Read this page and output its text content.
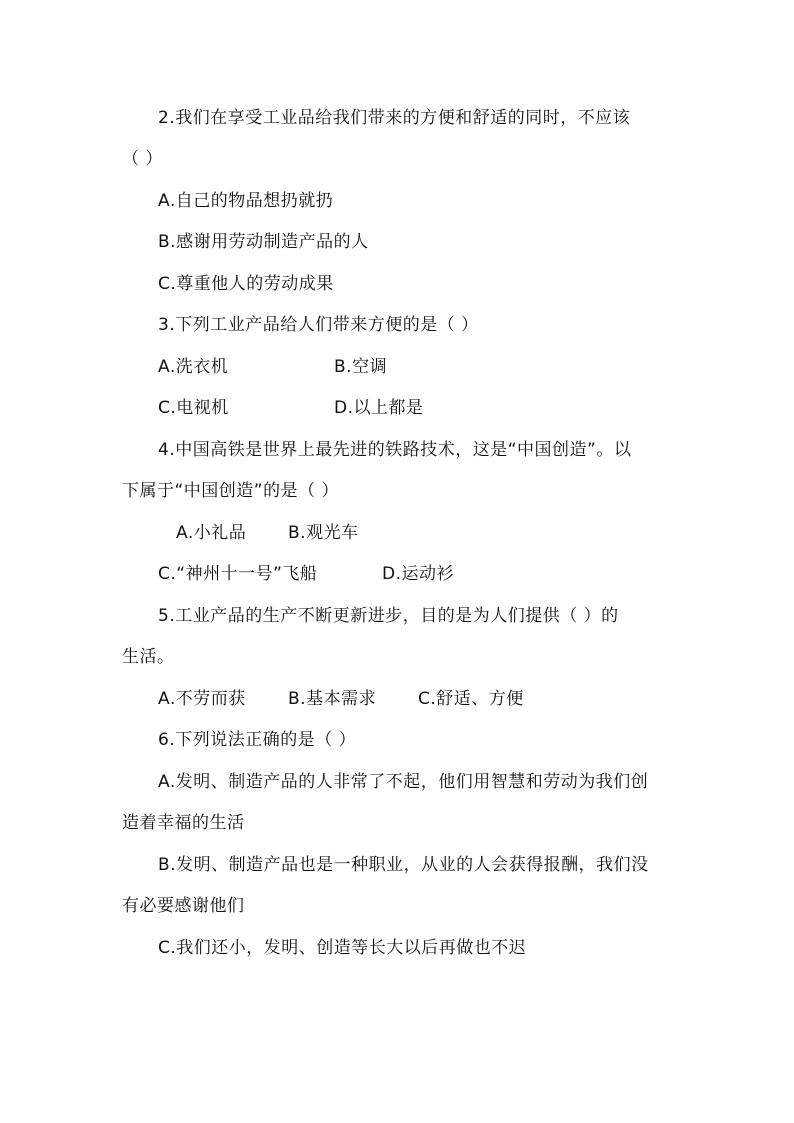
2.我们在享受工业品给我们带来的方便和舒适的同时，不应该
（ ）
A.自己的物品想扔就扔
B.感谢用劳动制造产品的人
C.尊重他人的劳动成果
3.下列工业产品给人们带来方便的是（ ）
A.洗衣机	B.空调
C.电视机	D.以上都是
4.中国高铁是世界上最先进的铁路技术，这是“中国创造”。以
下属于“中国创造”的是（ ）
A.小礼品 B.观光车
C.“神州十一号”飞船	D.运动衫
5.工业产品的生产不断更新进步，目的是为人们提供（ ）的
生活。
A.不劳而获 B.基本需求 C.舒适、方便
6.下列说法正确的是（ ）
A.发明、制造产品的人非常了不起，他们用智慧和劳动为我们创
造着幸福的生活
B.发明、制造产品也是一种职业，从业的人会获得报酬，我们没
有必要感谢他们
C.我们还小，发明、创造等长大以后再做也不迟
